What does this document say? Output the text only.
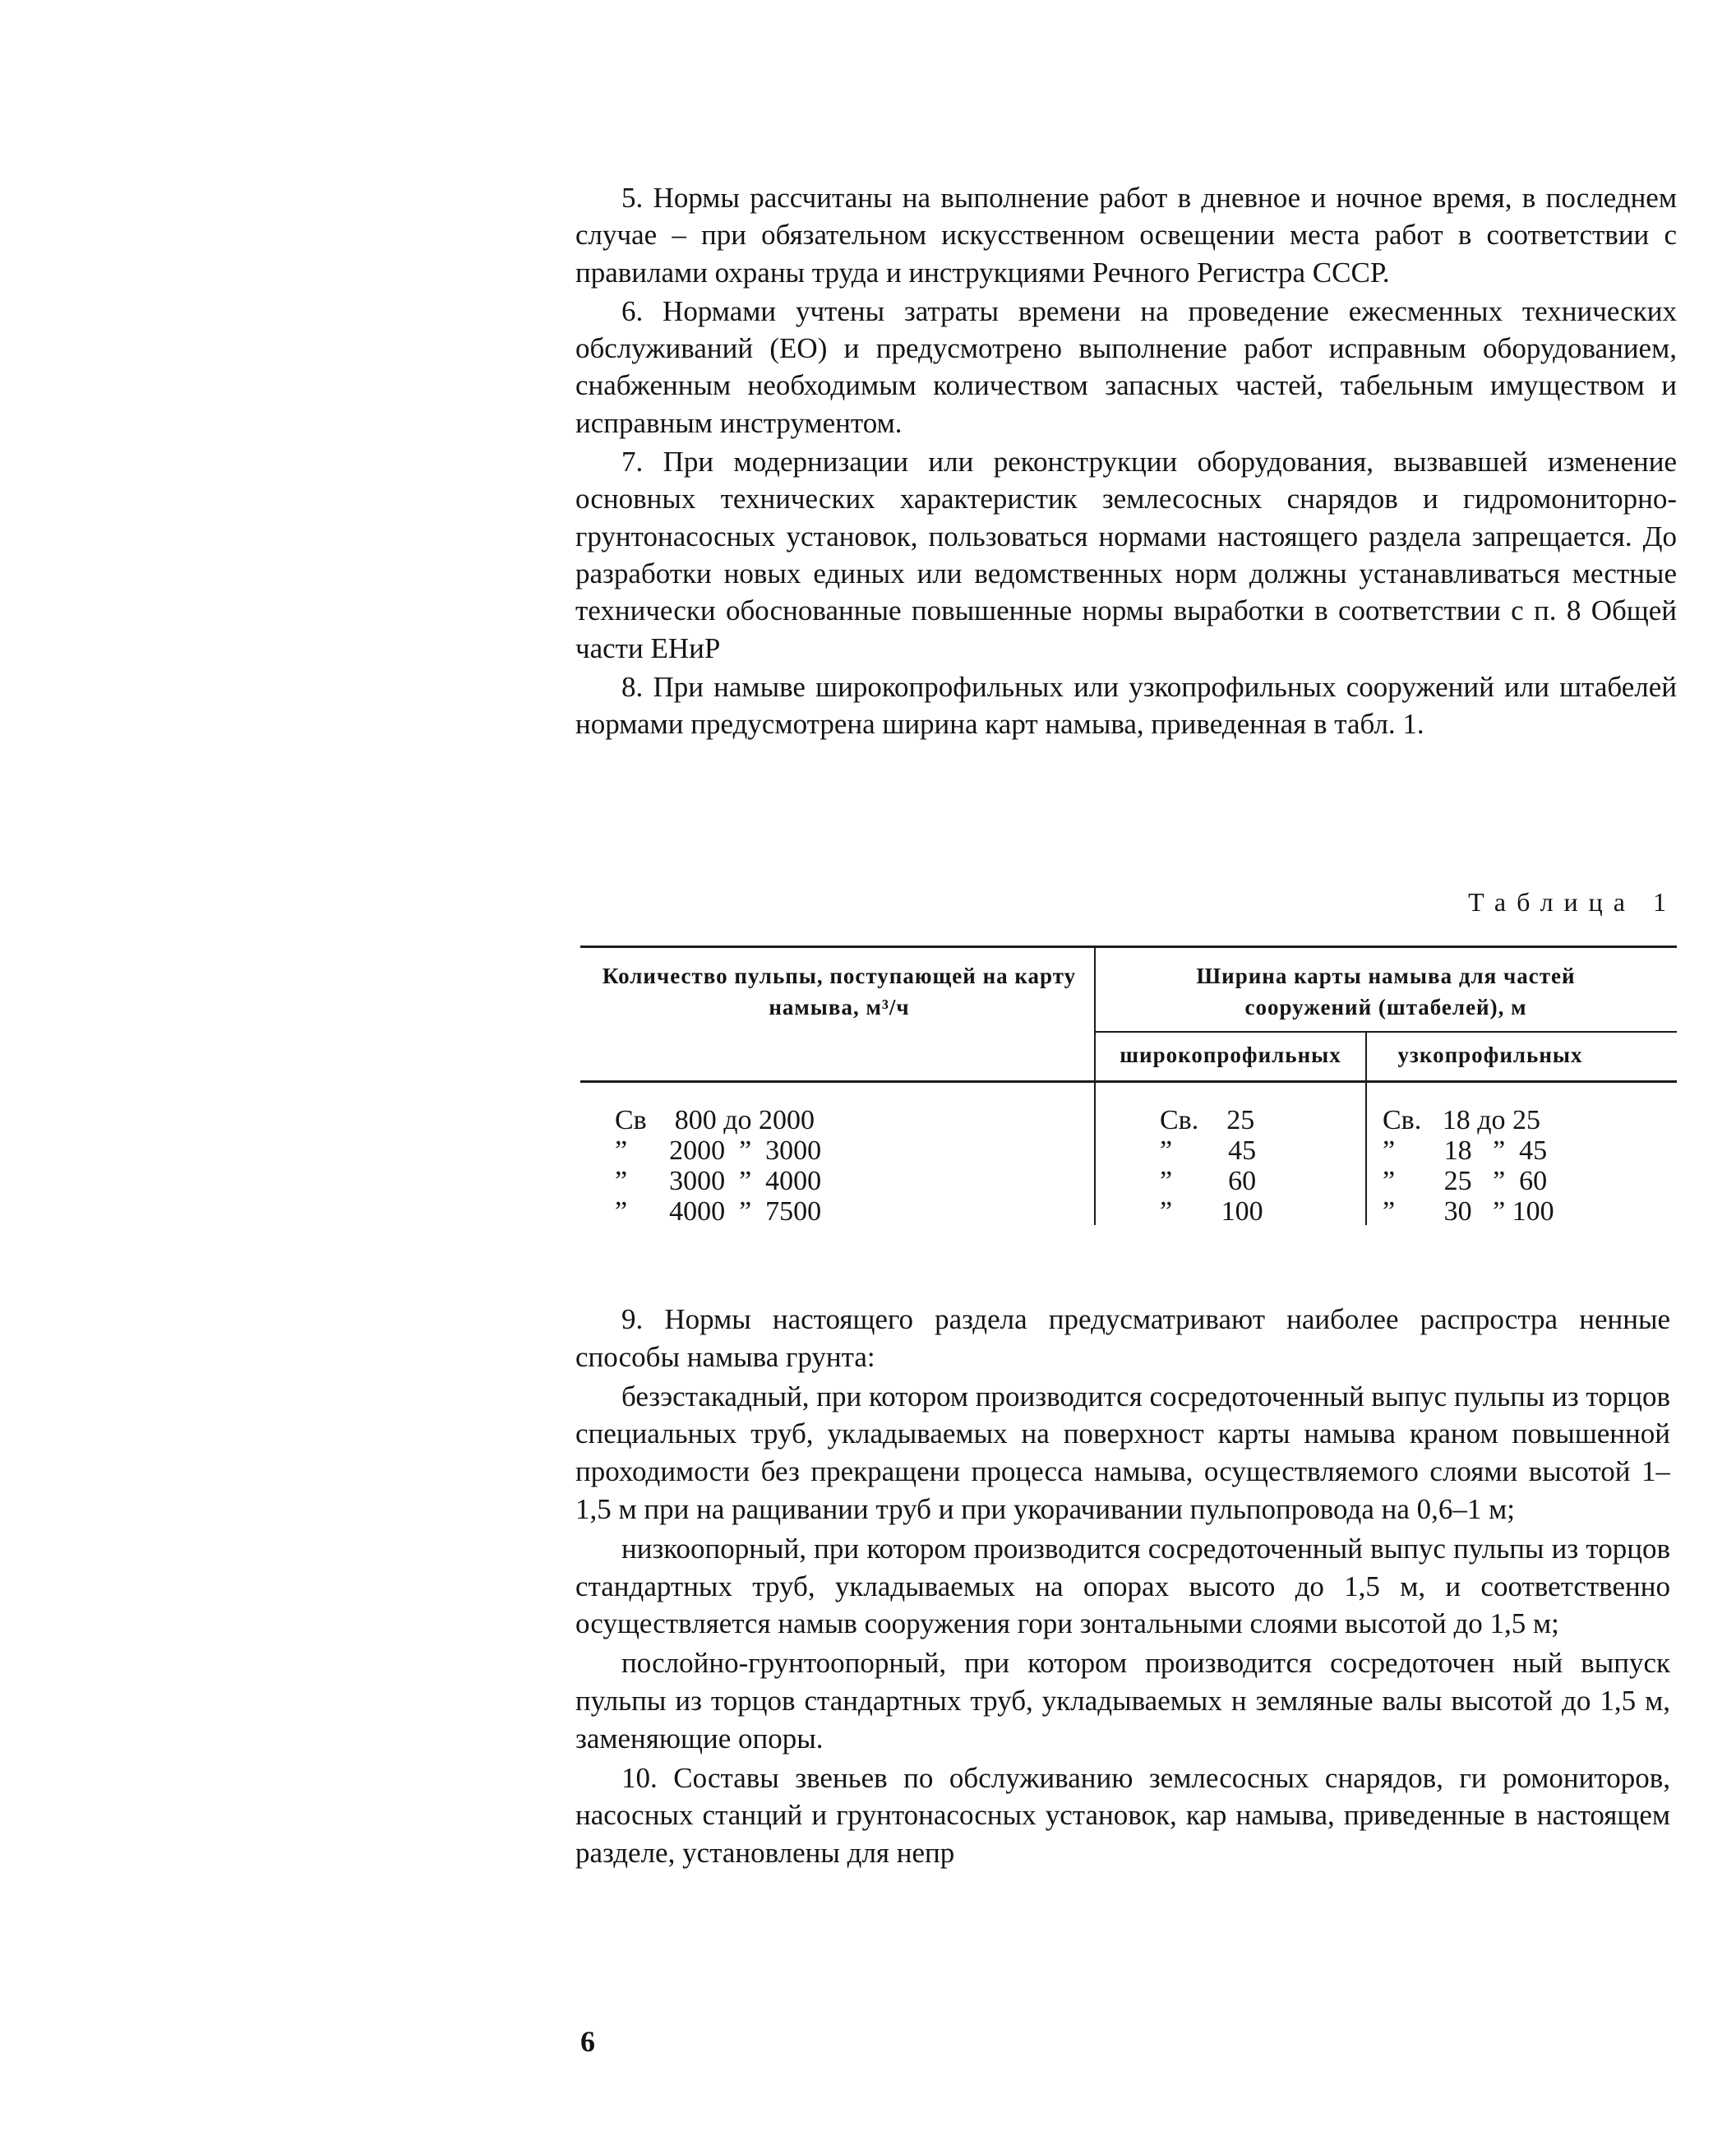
5. Нормы рассчитаны на выполнение работ в дневное и ночное время, в последнем случае – при обязательном искусственном освещении места работ в соответствии с правилами охраны труда и инструкциями Речного Регистра СССР.

6. Нормами учтены затраты времени на проведение ежесменных технических обслуживаний (ЕО) и предусмотрено выполнение работ исправным оборудованием, снабженным необходимым количеством запасных частей, табельным имуществом и исправным инструментом.

7. При модернизации или реконструкции оборудования, вызвавшей изменение основных технических характеристик землесосных снарядов и гидромониторно-грунтонасосных установок, пользоваться нормами настоящего раздела запрещается. До разработки новых единых или ведомственных норм должны устанавливаться местные технически обоснованные повышенные нормы выработки в соответствии с п. 8 Общей части ЕНиР

8. При намыве широкопрофильных или узкопрофильных сооружений или штабелей нормами предусмотрена ширина карт намыва, приведенная в табл. 1.

Таблица 1
Количество пульпы, поступающей на карту намыва, м³/ч
Ширина карты намыва для частей сооружений (штабелей), м
широкопрофильных	узкопрофильных
Св    800 до 2000
”      2000  ”  3000
”      3000  ”  4000
”      4000  ”  7500
Св.    25
”        45
”        60
”       100
Св.   18 до 25
”       18   ”  45
”       25   ”  60
”       30   ” 100

9. Нормы настоящего раздела предусматривают наиболее распростра ненные способы намыва грунта:

безэстакадный, при котором производится сосредоточенный выпус пульпы из торцов специальных труб, укладываемых на поверхност карты намыва краном повышенной проходимости без прекращени процесса намыва, осуществляемого слоями высотой 1–1,5 м при на ращивании труб и при укорачивании пульпопровода на 0,6–1 м;

низкоопорный, при котором производится сосредоточенный выпус пульпы из торцов стандартных труб, укладываемых на опорах высото до 1,5 м, и соответственно осуществляется намыв сооружения гори зонтальными слоями высотой до 1,5 м;

послойно-грунтоопорный, при котором производится сосредоточен ный выпуск пульпы из торцов стандартных труб, укладываемых н земляные валы высотой до 1,5 м, заменяющие опоры.

10. Составы звеньев по обслуживанию землесосных снарядов, ги ромониторов, насосных станций и грунтонасосных установок, кар намыва, приведенные в настоящем разделе, установлены для непр

6
